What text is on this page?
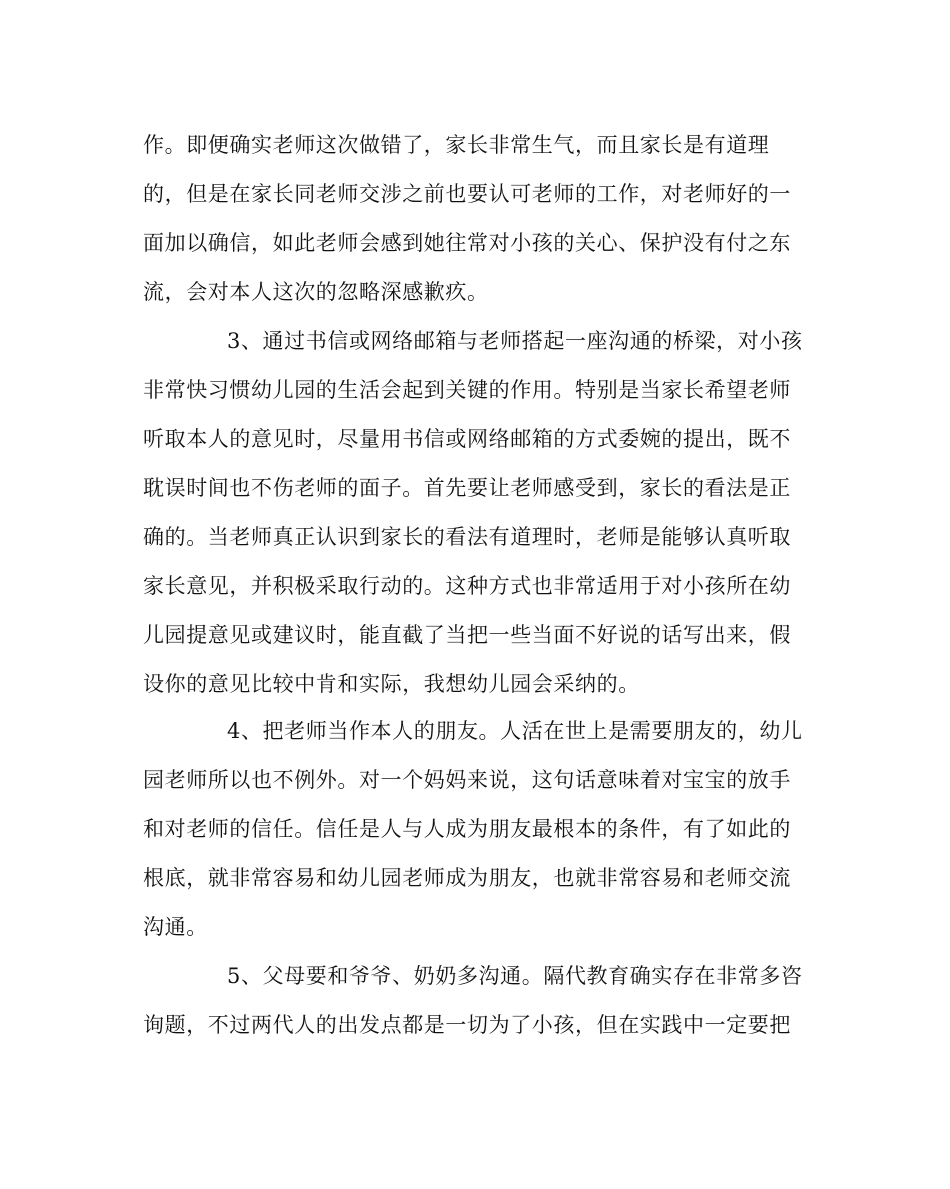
作。即便确实老师这次做错了，家长非常生气，而且家长是有道理
的，但是在家长同老师交涉之前也要认可老师的工作，对老师好的一
面加以确信，如此老师会感到她往常对小孩的关心、保护没有付之东
流，会对本人这次的忽略深感歉疚。
3、通过书信或网络邮箱与老师搭起一座沟通的桥梁，对小孩
非常快习惯幼儿园的生活会起到关键的作用。特别是当家长希望老师
听取本人的意见时，尽量用书信或网络邮箱的方式委婉的提出，既不
耽误时间也不伤老师的面子。首先要让老师感受到，家长的看法是正
确的。当老师真正认识到家长的看法有道理时，老师是能够认真听取
家长意见，并积极采取行动的。这种方式也非常适用于对小孩所在幼
儿园提意见或建议时，能直截了当把一些当面不好说的话写出来，假
设你的意见比较中肯和实际，我想幼儿园会采纳的。
4、把老师当作本人的朋友。人活在世上是需要朋友的，幼儿
园老师所以也不例外。对一个妈妈来说，这句话意味着对宝宝的放手
和对老师的信任。信任是人与人成为朋友最根本的条件，有了如此的
根底，就非常容易和幼儿园老师成为朋友，也就非常容易和老师交流
沟通。
5、父母要和爷爷、奶奶多沟通。隔代教育确实存在非常多咨
询题，不过两代人的出发点都是一切为了小孩，但在实践中一定要把
